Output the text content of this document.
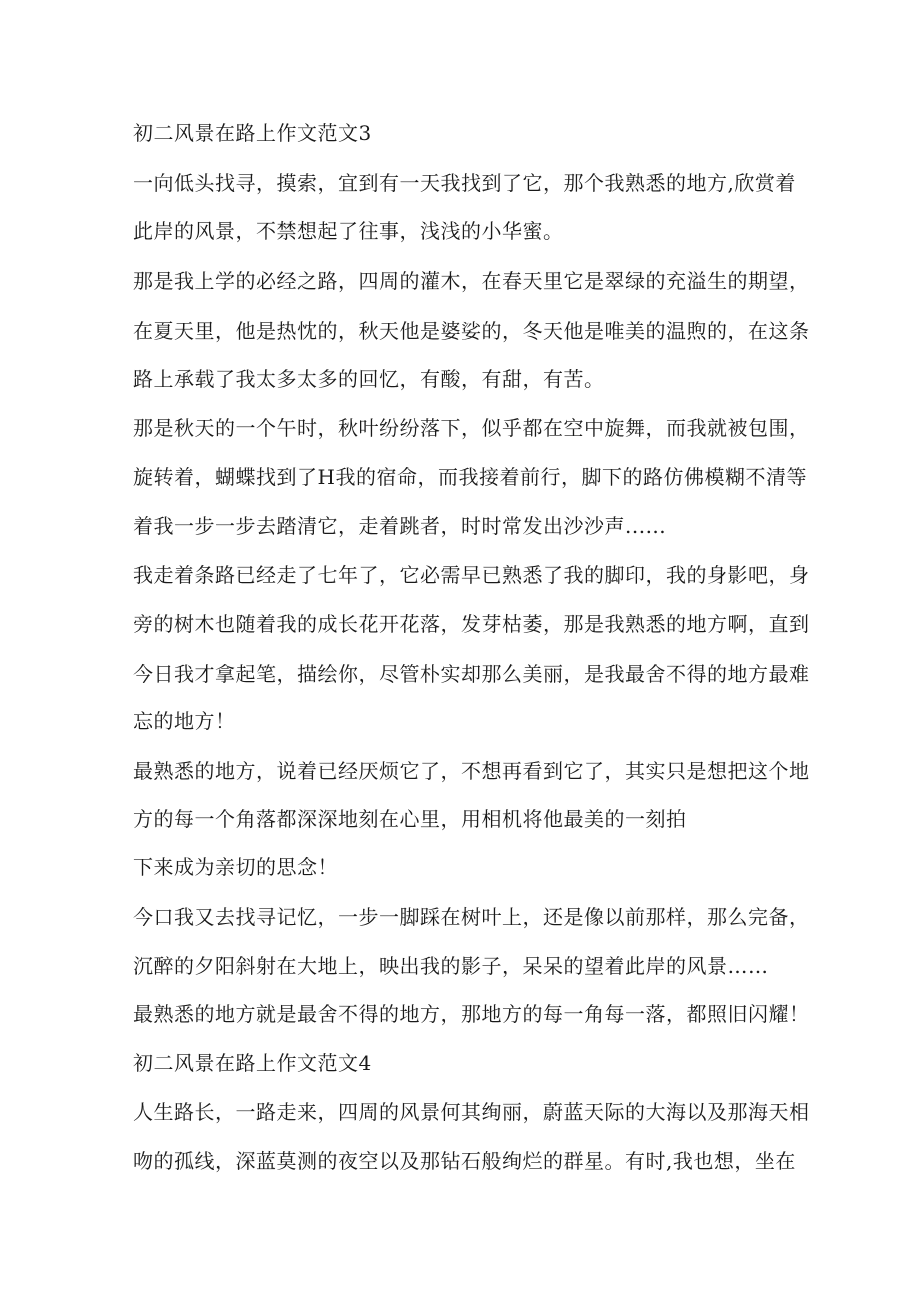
初二风景在路上作文范文3
一向低头找寻，摸索，宜到有一天我找到了它，那个我熟悉的地方,欣赏着
此岸的风景，不禁想起了往事，浅浅的小华蜜。
那是我上学的必经之路，四周的灌木，在春天里它是翠绿的充溢生的期望，
在夏天里，他是热忱的，秋天他是婆娑的，冬天他是唯美的温煦的，在这条
路上承载了我太多太多的回忆，有酸，有甜，有苦。
那是秋天的一个午时，秋叶纷纷落下，似乎都在空中旋舞，而我就被包围，
旋转着，蝴蝶找到了H我的宿命，而我接着前行，脚下的路仿佛模糊不清等
着我一步一步去踏清它，走着跳者，时时常发出沙沙声......
我走着条路已经走了七年了，它必需早已熟悉了我的脚印，我的身影吧，身
旁的树木也随着我的成长花开花落，发芽枯萎，那是我熟悉的地方啊，直到
今日我才拿起笔，描绘你，尽管朴实却那么美丽，是我最舍不得的地方最难
忘的地方！
最熟悉的地方，说着已经厌烦它了，不想再看到它了，其实只是想把这个地
方的每一个角落都深深地刻在心里，用相机将他最美的一刻拍
下来成为亲切的思念！
今口我又去找寻记忆，一步一脚踩在树叶上，还是像以前那样，那么完备，
沉醉的夕阳斜射在大地上，映出我的影子，呆呆的望着此岸的风景……
最熟悉的地方就是最舍不得的地方，那地方的每一角每一落，都照旧闪耀！
初二风景在路上作文范文4
人生路长，一路走来，四周的风景何其绚丽，蔚蓝天际的大海以及那海天相
吻的孤线，深蓝莫测的夜空以及那钻石般绚烂的群星。有时,我也想，坐在
